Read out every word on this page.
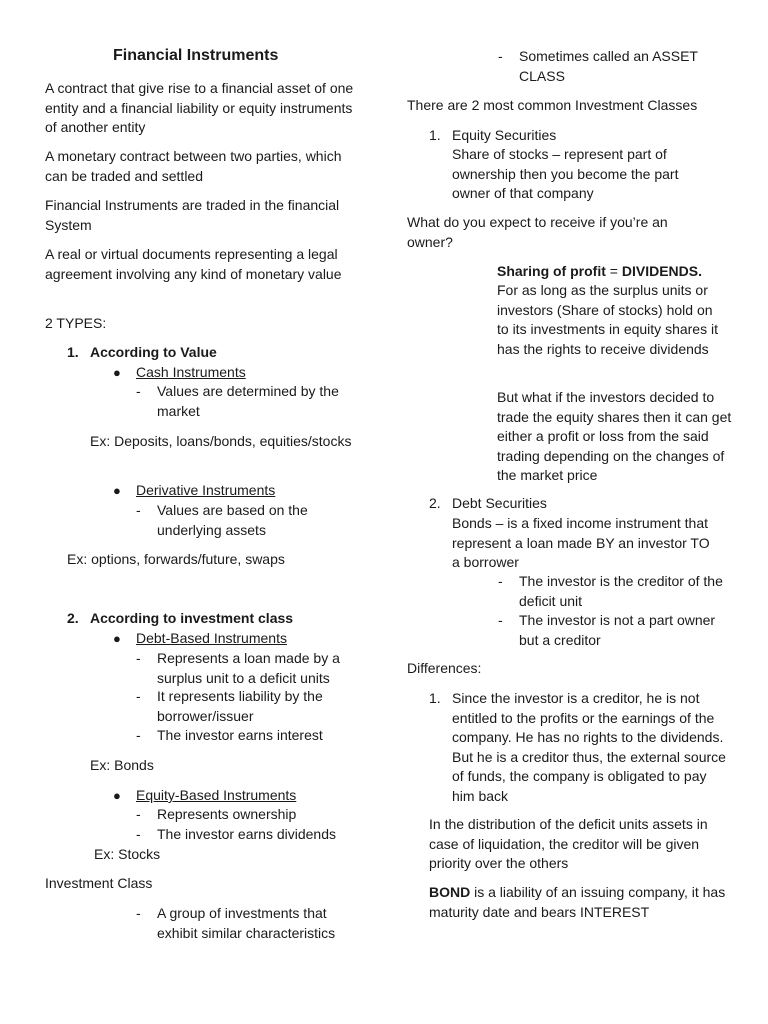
Financial Instruments
A contract that give rise to a financial asset of one entity and a financial liability or equity instruments of another entity
A monetary contract between two parties, which can be traded and settled
Financial Instruments are traded in the financial System
A real or virtual documents representing a legal agreement involving any kind of monetary value
2 TYPES:
1. According to Value
● Cash Instruments
- Values are determined by the market
Ex: Deposits, loans/bonds, equities/stocks
● Derivative Instruments
- Values are based on the underlying assets
Ex: options, forwards/future, swaps
2. According to investment class
● Debt-Based Instruments
- Represents a loan made by a surplus unit to a deficit units
- It represents liability by the borrower/issuer
- The investor earns interest
Ex: Bonds
● Equity-Based Instruments
- Represents ownership
- The investor earns dividends
Ex: Stocks
Investment Class
- A group of investments that exhibit similar characteristics
- Sometimes called an ASSET CLASS
There are 2 most common Investment Classes
1. Equity Securities
Share of stocks – represent part of ownership then you become the part owner of that company
What do you expect to receive if you’re an owner?
Sharing of profit = DIVIDENDS.
For as long as the surplus units or investors (Share of stocks) hold on to its investments in equity shares it has the rights to receive dividends
But what if the investors decided to trade the equity shares then it can get either a profit or loss from the said trading depending on the changes of the market price
2. Debt Securities
Bonds – is a fixed income instrument that represent a loan made BY an investor TO a borrower
- The investor is the creditor of the deficit unit
- The investor is not a part owner but a creditor
Differences:
1. Since the investor is a creditor, he is not entitled to the profits or the earnings of the company. He has no rights to the dividends. But he is a creditor thus, the external source of funds, the company is obligated to pay him back
In the distribution of the deficit units assets in case of liquidation, the creditor will be given priority over the others
BOND is a liability of an issuing company, it has maturity date and bears INTEREST
